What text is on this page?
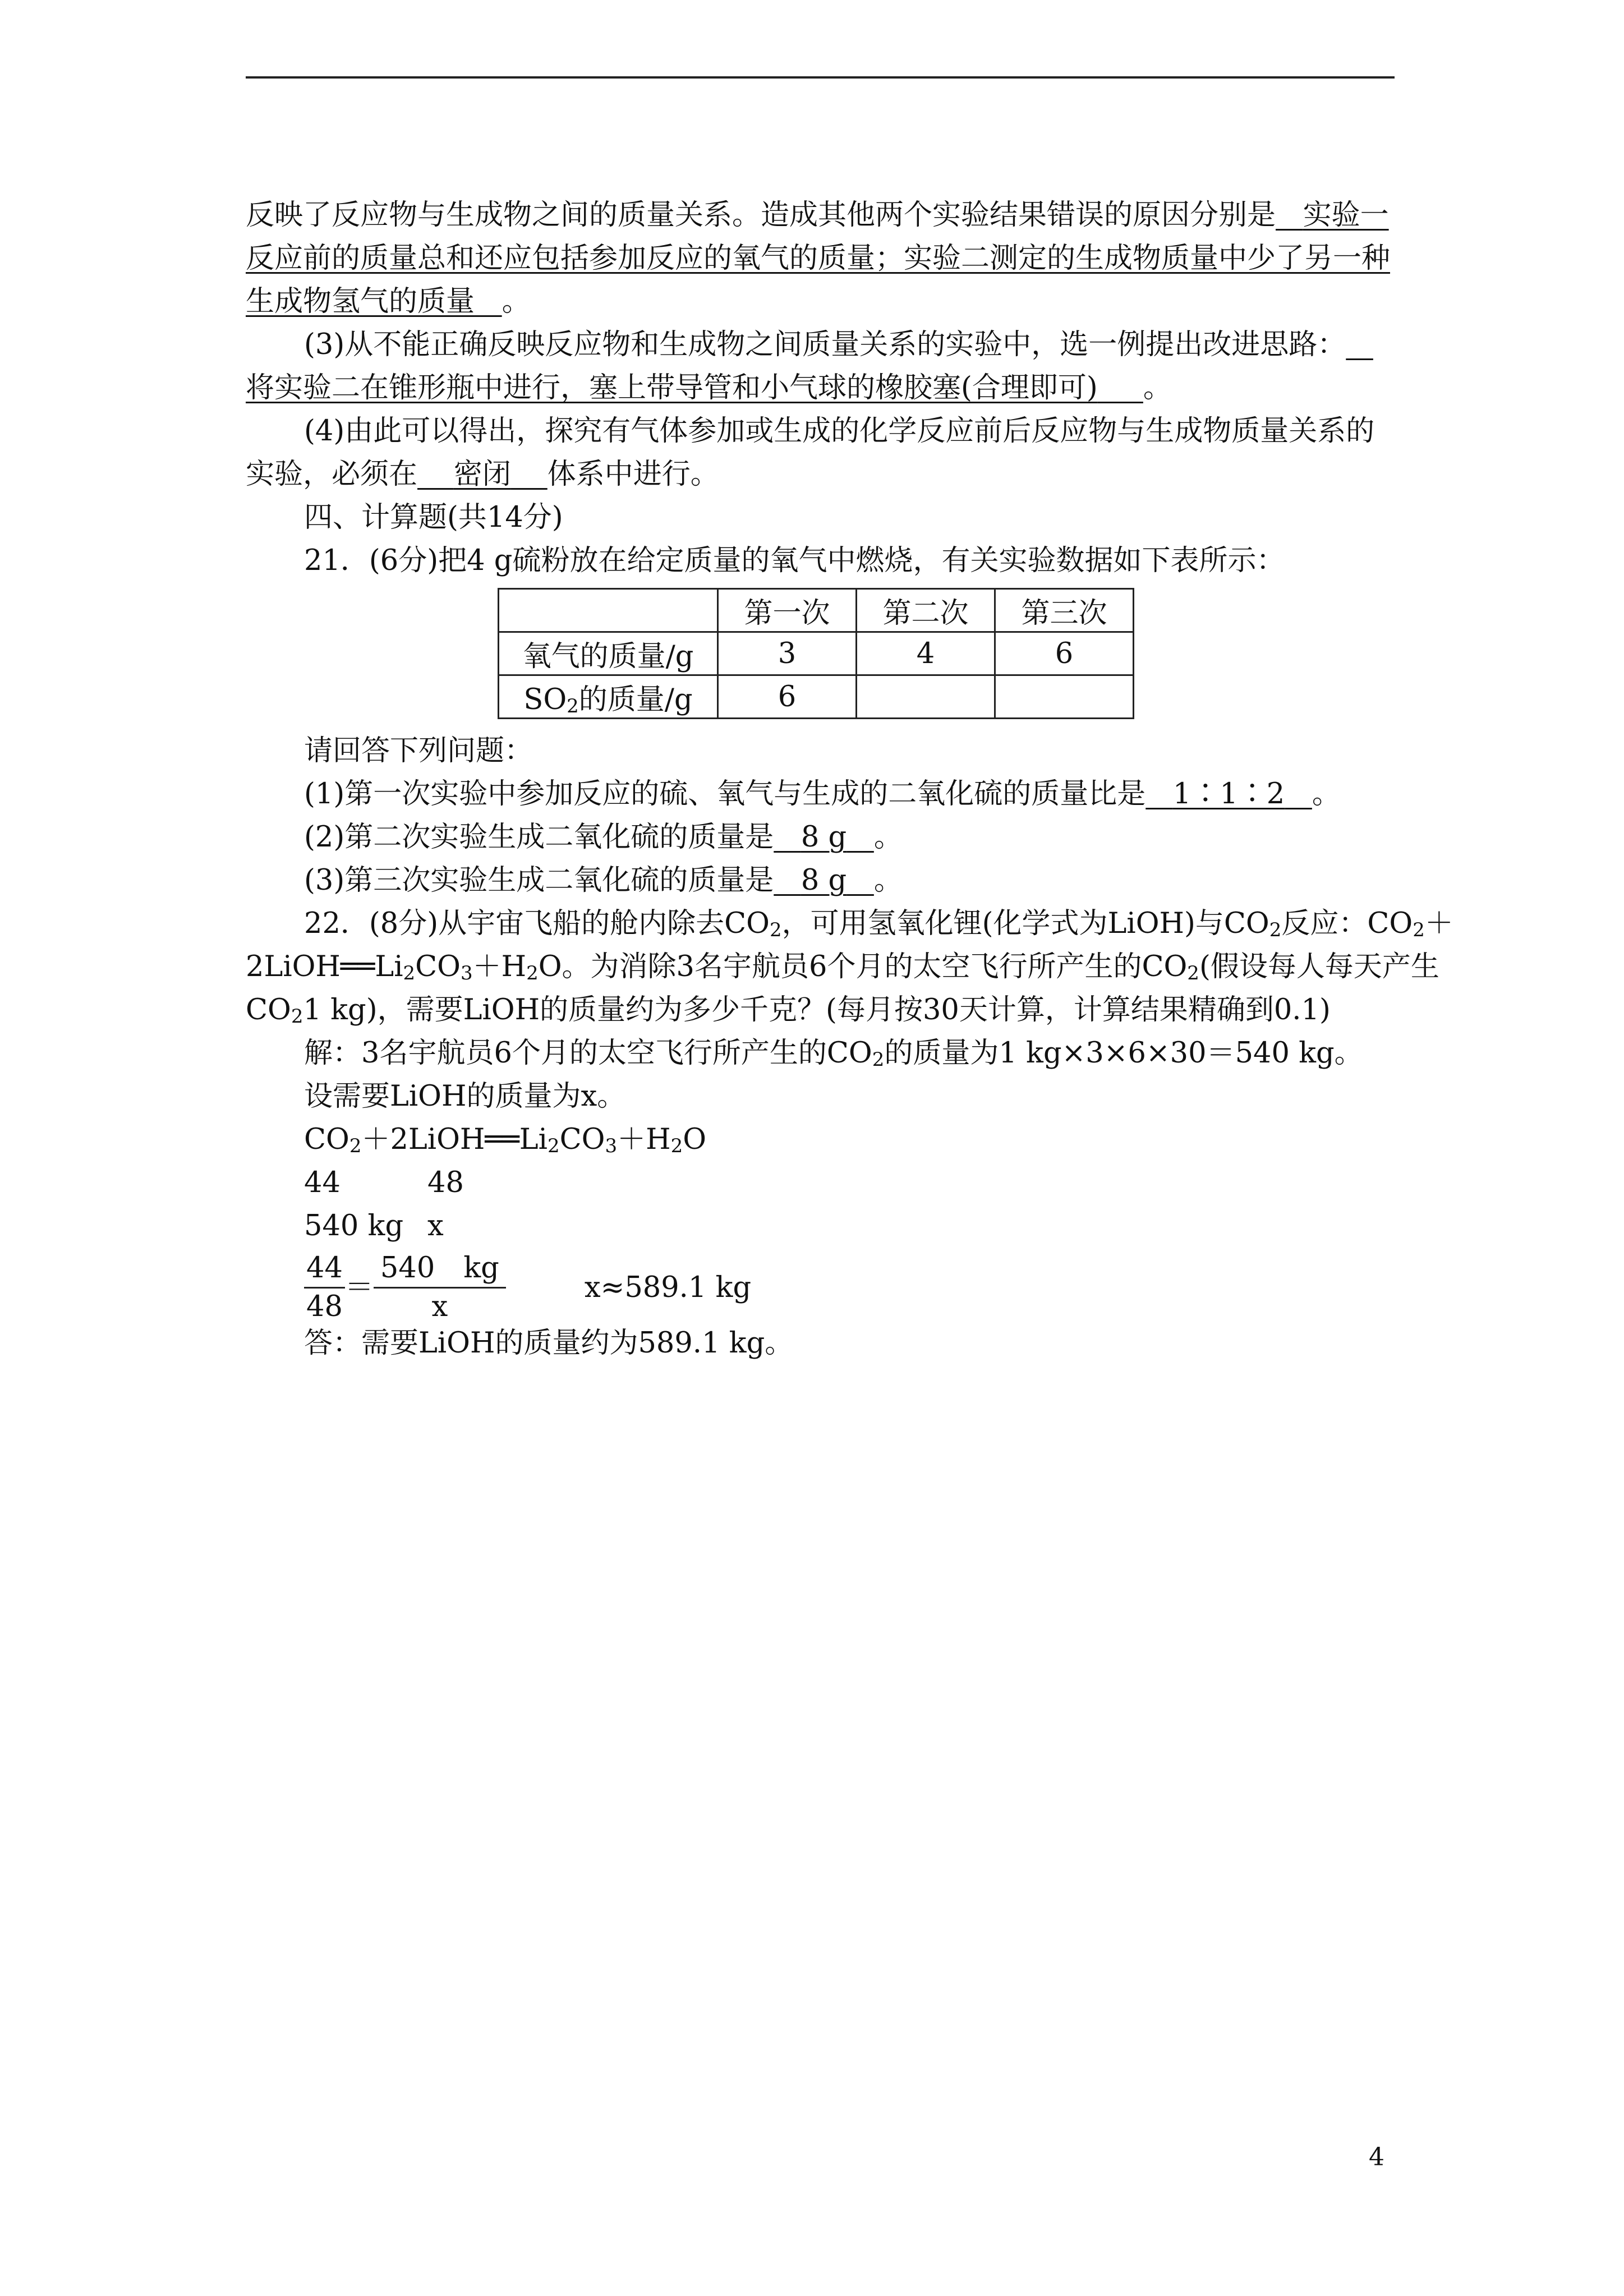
反映了反应物与生成物之间的质量关系。造成其他两个实验结果错误的原因分别是 实验一
反应前的质量总和还应包括参加反应的氧气的质量；实验二测定的生成物质量中少了另一种
生成物氢气的质量 。
(3)从不能正确反映反应物和生成物之间质量关系的实验中，选一例提出改进思路：
将实验二在锥形瓶中进行，塞上带导管和小气球的橡胶塞(合理即可) 。
(4)由此可以得出，探究有气体参加或生成的化学反应前后反应物与生成物质量关系的
实验，必须在 密闭 体系中进行。
四、计算题(共14分)
21．(6分)把4 g硫粉放在给定质量的氧气中燃烧，有关实验数据如下表所示：
	第一次	第二次	第三次
氧气的质量/g	3	4	6
$SO_2$的质量/g	6		
请回答下列问题：
(1)第一次实验中参加反应的硫、氧气与生成的二氧化硫的质量比是 1∶1∶2 。
(2)第二次实验生成二氧化硫的质量是 8 g 。
(3)第三次实验生成二氧化硫的质量是 8 g 。
22．(8分)从宇宙飞船的舱内除去$CO_2$，可用氢氧化锂(化学式为LiOH)与$CO_2$反应：$CO_2+$
$2LiOH══Li_2CO_3+H_2O$。为消除3名宇航员6个月的太空飞行所产生的$CO_2$(假设每人每天产生
$CO_21$ kg)，需要LiOH的质量约为多少千克？(每月按30天计算，计算结果精确到0.1)
解：3名宇航员6个月的太空飞行所产生的$CO_2$的质量为1 kg×3×6×30＝540 kg。
设需要LiOH的质量为x。
$CO_2+2LiOH══Li_2CO_3+H_2O$
44	48
540 kg x
$\frac{44}{48} = \frac{540 kg}{x}$	x≈589.1 kg
答：需要LiOH的质量约为589.1 kg。
4
